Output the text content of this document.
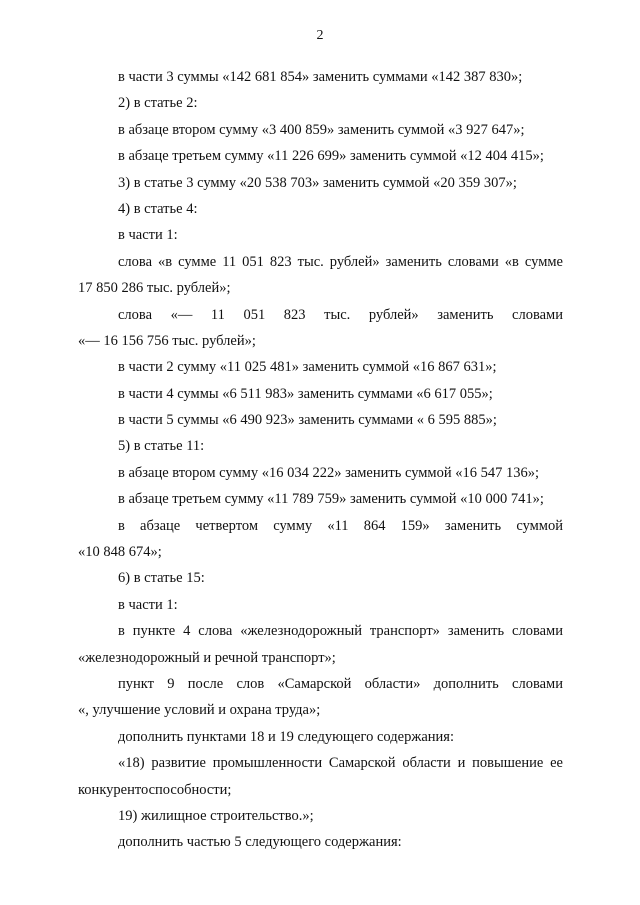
2
в части 3 суммы «142 681 854» заменить суммами «142 387 830»;
2) в статье 2:
в абзаце втором сумму «3 400 859» заменить суммой «3 927 647»;
в абзаце третьем сумму «11 226 699» заменить суммой «12 404 415»;
3) в статье 3 сумму «20 538 703» заменить суммой «20 359 307»;
4) в статье 4:
в части 1:
слова «в сумме 11 051 823 тыс. рублей» заменить словами «в сумме
17 850 286 тыс. рублей»;
слова «— 11 051 823 тыс. рублей» заменить словами
«— 16 156 756 тыс. рублей»;
в части 2 сумму «11 025 481» заменить суммой «16 867 631»;
в части 4 суммы «6 511 983» заменить суммами «6 617 055»;
в части 5 суммы «6 490 923» заменить суммами « 6 595 885»;
5) в статье 11:
в абзаце втором сумму «16 034 222» заменить суммой «16 547 136»;
в абзаце третьем сумму «11 789 759» заменить суммой «10 000 741»;
в абзаце четвертом сумму «11 864 159» заменить суммой
«10 848 674»;
6) в статье 15:
в части 1:
в пункте 4 слова «железнодорожный транспорт» заменить словами
«железнодорожный и речной транспорт»;
пункт 9 после слов «Самарской области» дополнить словами
«, улучшение условий и охрана труда»;
дополнить пунктами 18 и 19 следующего содержания:
«18) развитие промышленности Самарской области и повышение ее
конкурентоспособности;
19) жилищное строительство.»;
дополнить частью 5 следующего содержания:
